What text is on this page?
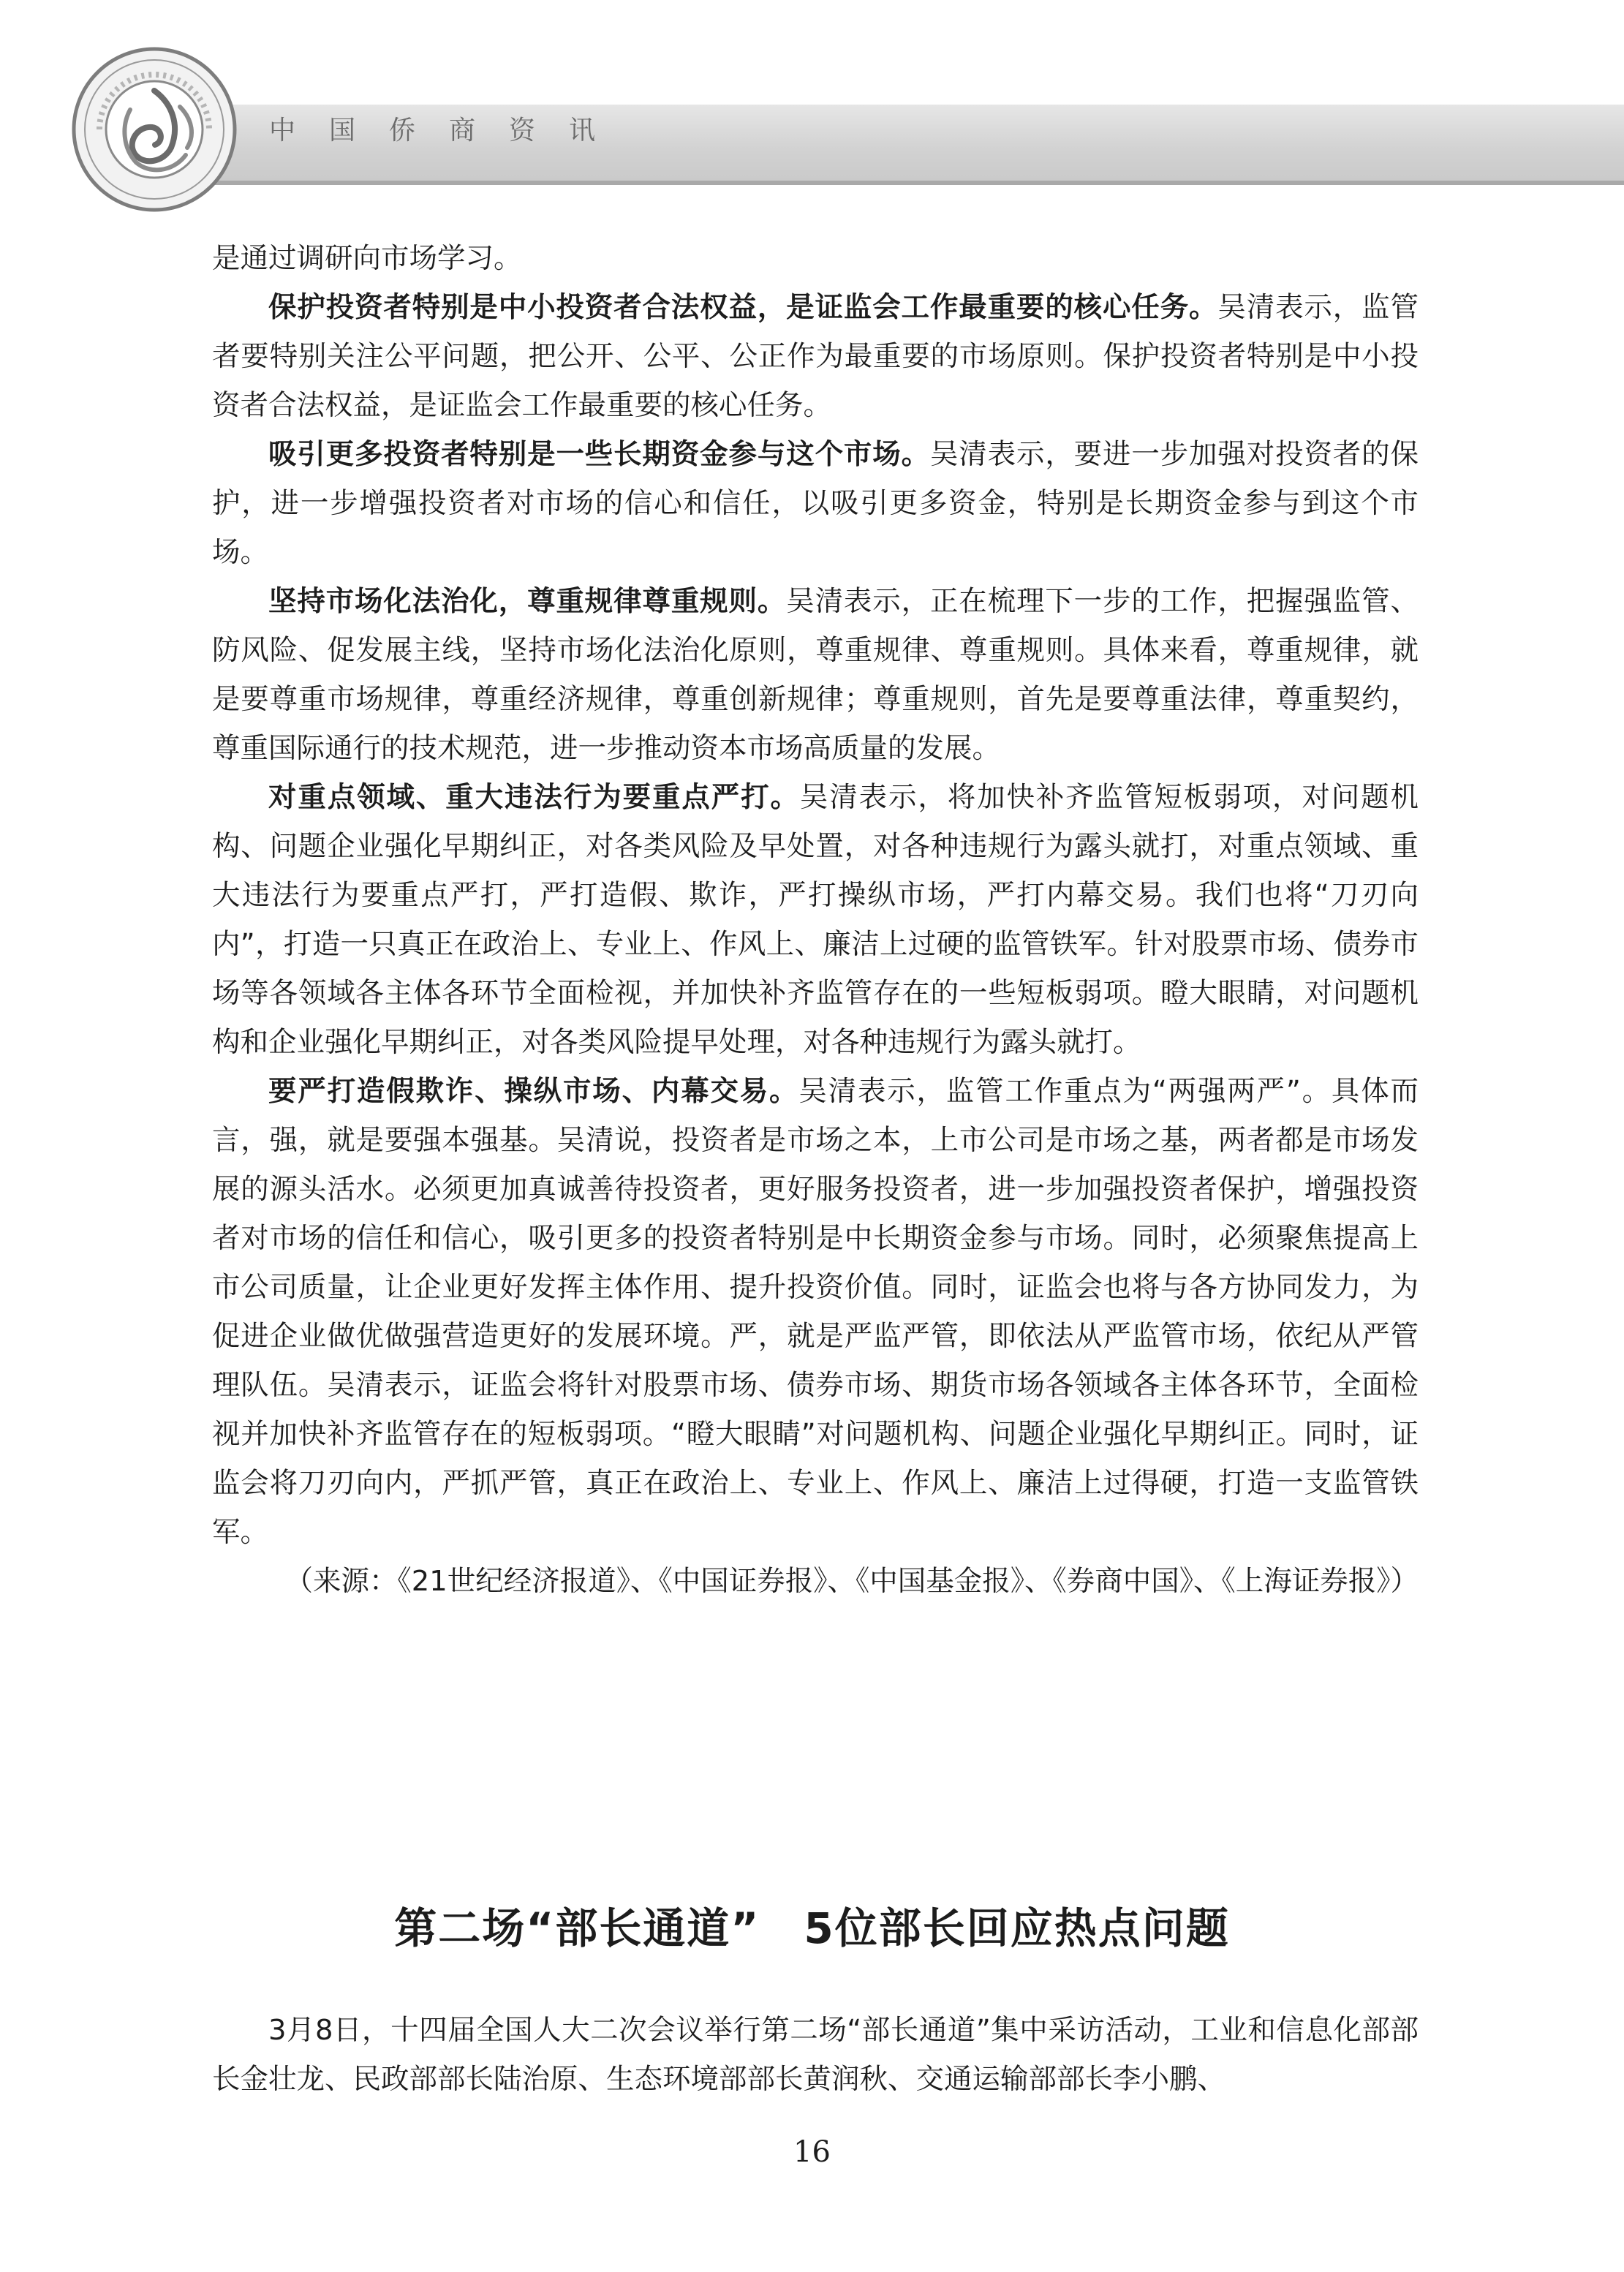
中国侨商资讯

是通过调研向市场学习。

保护投资者特别是中小投资者合法权益，是证监会工作最重要的核心任务。吴清表示，监管者要特别关注公平问题，把公开、公平、公正作为最重要的市场原则。保护投资者特别是中小投资者合法权益，是证监会工作最重要的核心任务。

吸引更多投资者特别是一些长期资金参与这个市场。吴清表示，要进一步加强对投资者的保护，进一步增强投资者对市场的信心和信任，以吸引更多资金，特别是长期资金参与到这个市场。

坚持市场化法治化，尊重规律尊重规则。吴清表示，正在梳理下一步的工作，把握强监管、防风险、促发展主线，坚持市场化法治化原则，尊重规律、尊重规则。具体来看，尊重规律，就是要尊重市场规律，尊重经济规律，尊重创新规律；尊重规则，首先是要尊重法律，尊重契约，尊重国际通行的技术规范，进一步推动资本市场高质量的发展。

对重点领域、重大违法行为要重点严打。吴清表示，将加快补齐监管短板弱项，对问题机构、问题企业强化早期纠正，对各类风险及早处置，对各种违规行为露头就打，对重点领域、重大违法行为要重点严打，严打造假、欺诈，严打操纵市场，严打内幕交易。我们也将“刀刃向内”，打造一只真正在政治上、专业上、作风上、廉洁上过硬的监管铁军。针对股票市场、债券市场等各领域各主体各环节全面检视，并加快补齐监管存在的一些短板弱项。瞪大眼睛，对问题机构和企业强化早期纠正，对各类风险提早处理，对各种违规行为露头就打。

要严打造假欺诈、操纵市场、内幕交易。吴清表示，监管工作重点为“两强两严”。具体而言，强，就是要强本强基。吴清说，投资者是市场之本，上市公司是市场之基，两者都是市场发展的源头活水。必须更加真诚善待投资者，更好服务投资者，进一步加强投资者保护，增强投资者对市场的信任和信心，吸引更多的投资者特别是中长期资金参与市场。同时，必须聚焦提高上市公司质量，让企业更好发挥主体作用、提升投资价值。同时，证监会也将与各方协同发力，为促进企业做优做强营造更好的发展环境。严，就是严监严管，即依法从严监管市场，依纪从严管理队伍。吴清表示，证监会将针对股票市场、债券市场、期货市场各领域各主体各环节，全面检视并加快补齐监管存在的短板弱项。“瞪大眼睛”对问题机构、问题企业强化早期纠正。同时，证监会将刀刃向内，严抓严管，真正在政治上、专业上、作风上、廉洁上过得硬，打造一支监管铁军。

（来源：《21世纪经济报道》、《中国证券报》、《中国基金报》、《券商中国》、《上海证券报》）

第二场“部长通道”　5位部长回应热点问题

3月8日，十四届全国人大二次会议举行第二场“部长通道”集中采访活动，工业和信息化部部长金壮龙、民政部部长陆治原、生态环境部部长黄润秋、交通运输部部长李小鹏、

16
